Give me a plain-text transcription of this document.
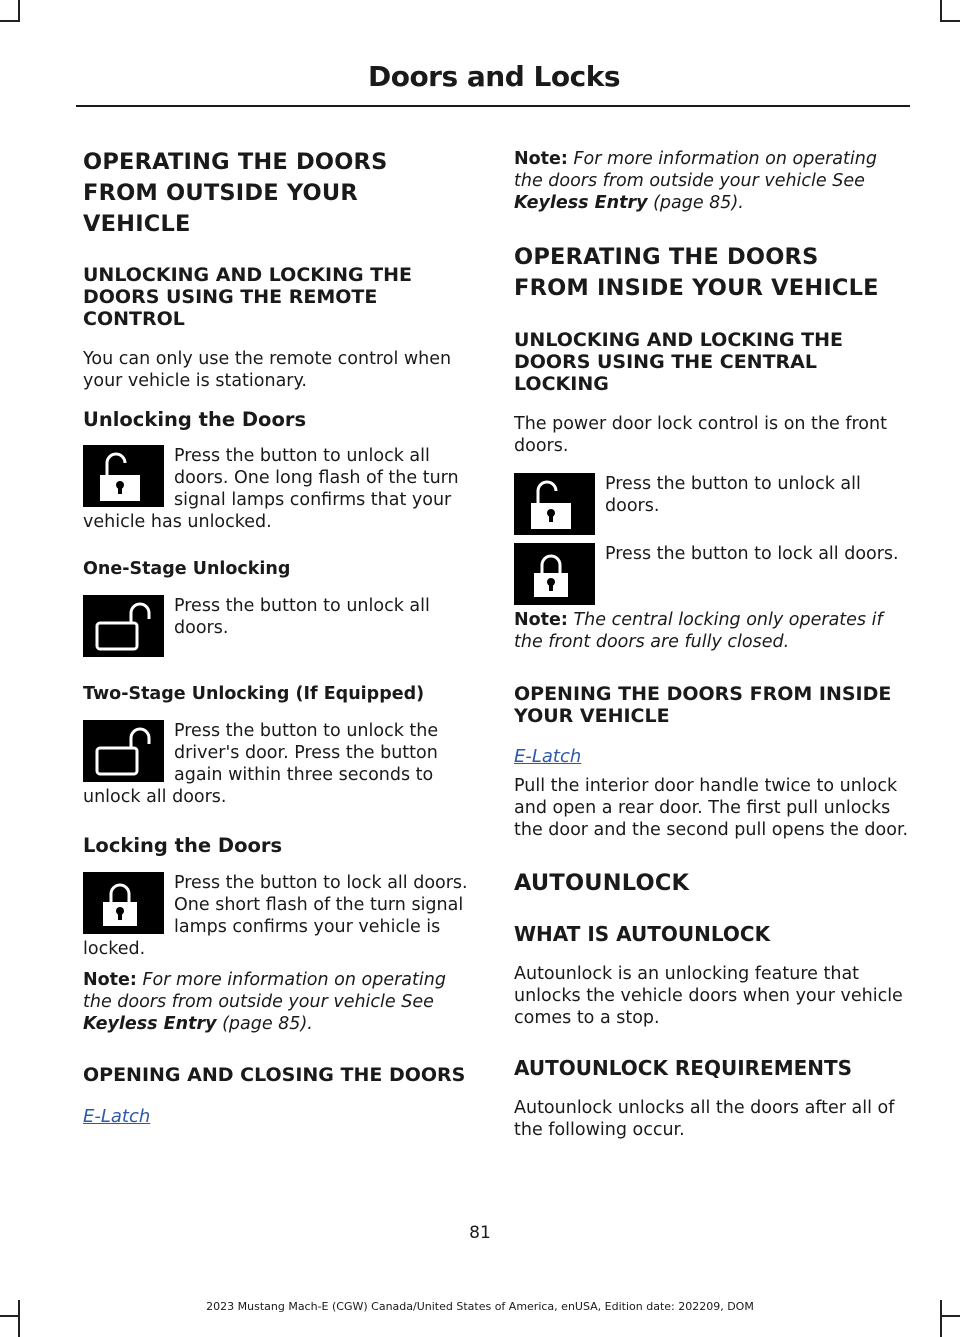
Doors and Locks
OPERATING THE DOORS
FROM OUTSIDE YOUR
VEHICLE
UNLOCKING AND LOCKING THE DOORS USING THE REMOTE CONTROL

You can only use the remote control when your vehicle is stationary.

Unlocking the Doors

Press the button to unlock all doors. One long flash of the turn signal lamps confirms that your vehicle has unlocked.

One-Stage Unlocking

Press the button to unlock all doors.

Two-Stage Unlocking (If Equipped)

Press the button to unlock the driver's door. Press the button again within three seconds to unlock all doors.

Locking the Doors

Press the button to lock all doors. One short flash of the turn signal lamps confirms your vehicle is locked.

Note: For more information on operating the doors from outside your vehicle See Keyless Entry (page 85).

OPENING AND CLOSING THE DOORS
E-Latch

Note: For more information on operating the doors from outside your vehicle See Keyless Entry (page 85).

OPERATING THE DOORS
FROM INSIDE YOUR VEHICLE
UNLOCKING AND LOCKING THE DOORS USING THE CENTRAL LOCKING

The power door lock control is on the front doors.

Press the button to unlock all doors.

Press the button to lock all doors.

Note: The central locking only operates if the front doors are fully closed.

OPENING THE DOORS FROM INSIDE YOUR VEHICLE
E-Latch

Pull the interior door handle twice to unlock and open a rear door. The first pull unlocks the door and the second pull opens the door.

AUTOUNLOCK
WHAT IS AUTOUNLOCK

Autounlock is an unlocking feature that unlocks the vehicle doors when your vehicle comes to a stop.

AUTOUNLOCK REQUIREMENTS

Autounlock unlocks all the doors after all of the following occur.

81
2023 Mustang Mach-E (CGW) Canada/United States of America, enUSA, Edition date: 202209, DOM
